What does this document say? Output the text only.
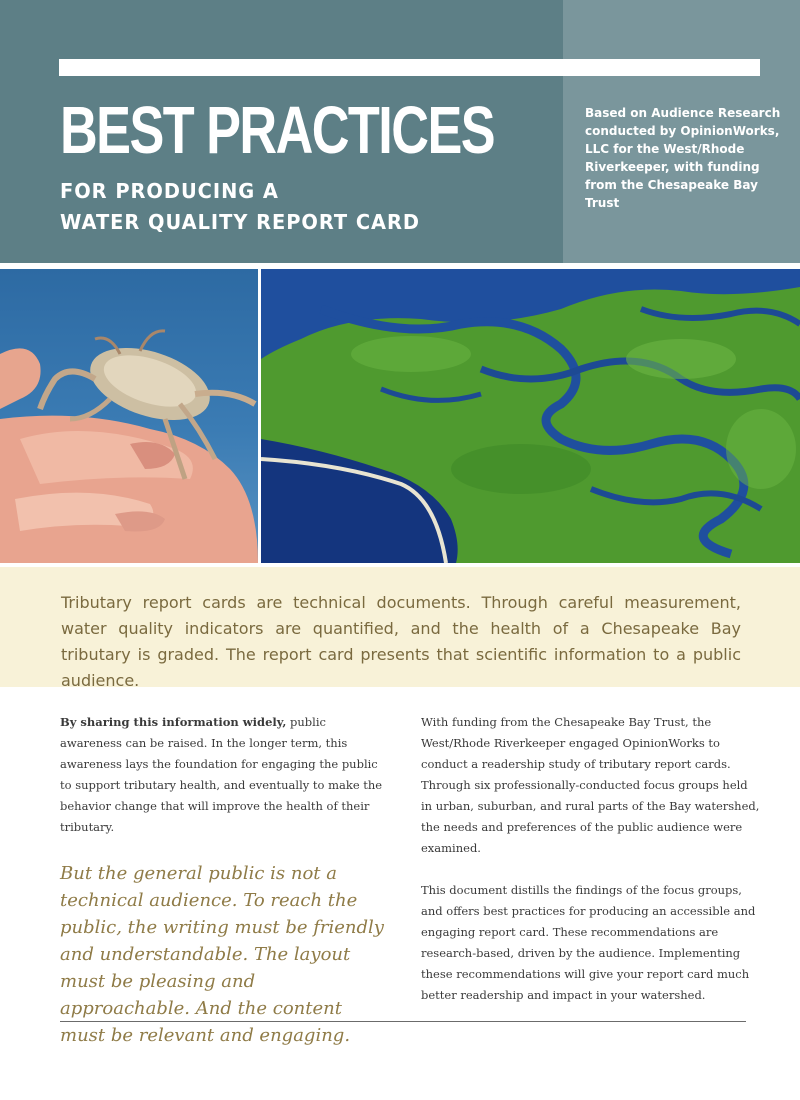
BEST PRACTICES
FOR PRODUCING A
WATER QUALITY REPORT CARD

Based on Audience Research conducted by OpinionWorks, LLC for the West/Rhode Riverkeeper, with funding from the Chesapeake Bay Trust

Tributary report cards are technical documents. Through careful measurement, water quality indicators are quantified, and the health of a Chesapeake Bay tributary is graded. The report card presents that scientific information to a public audience.

By sharing this information widely, public awareness can be raised. In the longer term, this awareness lays the foundation for engaging the public to support tributary health, and eventually to make the behavior change that will improve the health of their tributary.

But the general public is not a technical audience. To reach the public, the writing must be friendly and understandable. The layout must be pleasing and approachable. And the content must be relevant and engaging.

With funding from the Chesapeake Bay Trust, the West/Rhode Riverkeeper engaged OpinionWorks to conduct a readership study of tributary report cards. Through six professionally-conducted focus groups held in urban, suburban, and rural parts of the Bay watershed, the needs and preferences of the public audience were examined.

This document distills the findings of the focus groups, and offers best practices for producing an accessible and engaging report card. These recommendations are research-based, driven by the audience. Implementing these recommendations will give your report card much better readership and impact in your watershed.
